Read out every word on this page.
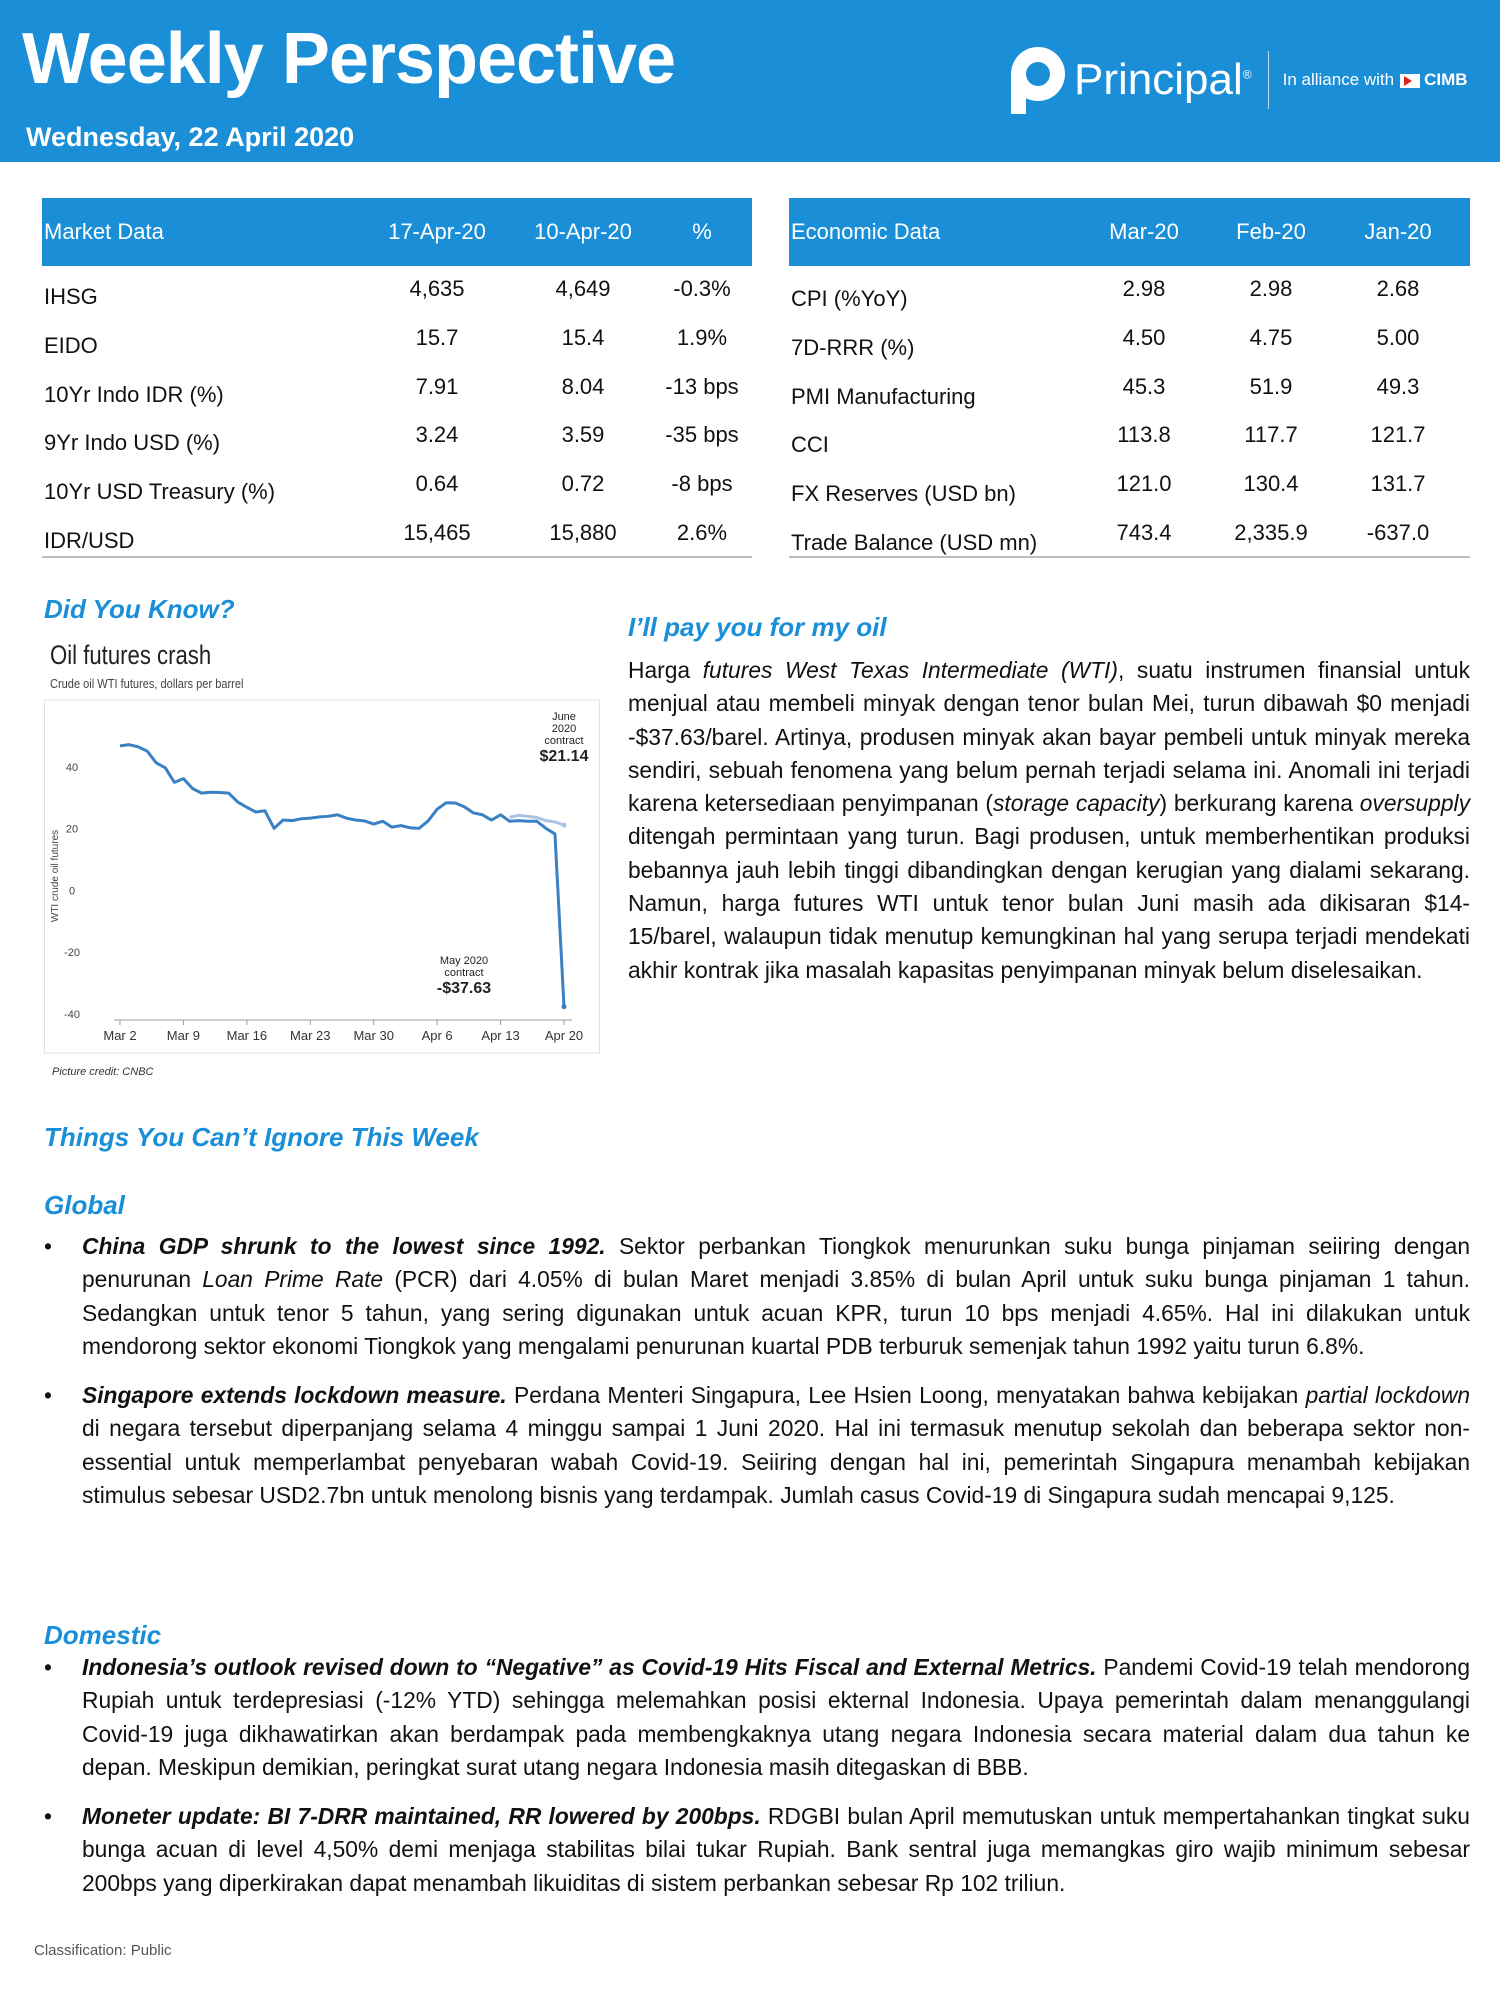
Weekly Perspective
Wednesday, 22 April 2020
Principal® In alliance with CIMB
Market Data	17-Apr-20	10-Apr-20	%
IHSG	4,635	4,649	-0.3%
EIDO	15.7	15.4	1.9%
10Yr Indo IDR (%)	7.91	8.04	-13 bps
9Yr Indo USD (%)	3.24	3.59	-35 bps
10Yr USD Treasury (%)	0.64	0.72	-8 bps
IDR/USD	15,465	15,880	2.6%
Economic Data	Mar-20	Feb-20	Jan-20
CPI (%YoY)	2.98	2.98	2.68
7D-RRR (%)	4.50	4.75	5.00
PMI Manufacturing	45.3	51.9	49.3
CCI	113.8	117.7	121.7
FX Reserves (USD bn)	121.0	130.4	131.7
Trade Balance (USD mn)	743.4	2,335.9	-637.0
Did You Know?
Oil futures crash
Crude oil WTI futures, dollars per barrel
40
20
0
-20
-40
WTI crude oil futures
Mar 2 Mar 9 Mar 16 Mar 23 Mar 30 Apr 6 Apr 13 Apr 20
June 2020 contract $21.14
May 2020 contract -$37.63
Picture credit: CNBC
I’ll pay you for my oil
Harga futures West Texas Intermediate (WTI), suatu instrumen finansial untuk menjual atau membeli minyak dengan tenor bulan Mei, turun dibawah $0 menjadi -$37.63/barel. Artinya, produsen minyak akan bayar pembeli untuk minyak mereka sendiri, sebuah fenomena yang belum pernah terjadi selama ini. Anomali ini terjadi karena ketersediaan penyimpanan (storage capacity) berkurang karena oversupply ditengah permintaan yang turun. Bagi produsen, untuk memberhentikan produksi bebannya jauh lebih tinggi dibandingkan dengan kerugian yang dialami sekarang. Namun, harga futures WTI untuk tenor bulan Juni masih ada dikisaran $14-15/barel, walaupun tidak menutup kemungkinan hal yang serupa terjadi mendekati akhir kontrak jika masalah kapasitas penyimpanan minyak belum diselesaikan.
Things You Can’t Ignore This Week
Global
• China GDP shrunk to the lowest since 1992. Sektor perbankan Tiongkok menurunkan suku bunga pinjaman seiiring dengan penurunan Loan Prime Rate (PCR) dari 4.05% di bulan Maret menjadi 3.85% di bulan April untuk suku bunga pinjaman 1 tahun. Sedangkan untuk tenor 5 tahun, yang sering digunakan untuk acuan KPR, turun 10 bps menjadi 4.65%. Hal ini dilakukan untuk mendorong sektor ekonomi Tiongkok yang mengalami penurunan kuartal PDB terburuk semenjak tahun 1992 yaitu turun 6.8%.
• Singapore extends lockdown measure. Perdana Menteri Singapura, Lee Hsien Loong, menyatakan bahwa kebijakan partial lockdown di negara tersebut diperpanjang selama 4 minggu sampai 1 Juni 2020. Hal ini termasuk menutup sekolah dan beberapa sektor non-essential untuk memperlambat penyebaran wabah Covid-19. Seiiring dengan hal ini, pemerintah Singapura menambah kebijakan stimulus sebesar USD2.7bn untuk menolong bisnis yang terdampak. Jumlah casus Covid-19 di Singapura sudah mencapai 9,125.
Domestic
• Indonesia’s outlook revised down to “Negative” as Covid-19 Hits Fiscal and External Metrics. Pandemi Covid-19 telah mendorong Rupiah untuk terdepresiasi (-12% YTD) sehingga melemahkan posisi ekternal Indonesia. Upaya pemerintah dalam menanggulangi Covid-19 juga dikhawatirkan akan berdampak pada membengkaknya utang negara Indonesia secara material dalam dua tahun ke depan. Meskipun demikian, peringkat surat utang negara Indonesia masih ditegaskan di BBB.
• Moneter update: BI 7-DRR maintained, RR lowered by 200bps. RDGBI bulan April memutuskan untuk mempertahankan tingkat suku bunga acuan di level 4,50% demi menjaga stabilitas bilai tukar Rupiah. Bank sentral juga memangkas giro wajib minimum sebesar 200bps yang diperkirakan dapat menambah likuiditas di sistem perbankan sebesar Rp 102 triliun.
Classification: Public
